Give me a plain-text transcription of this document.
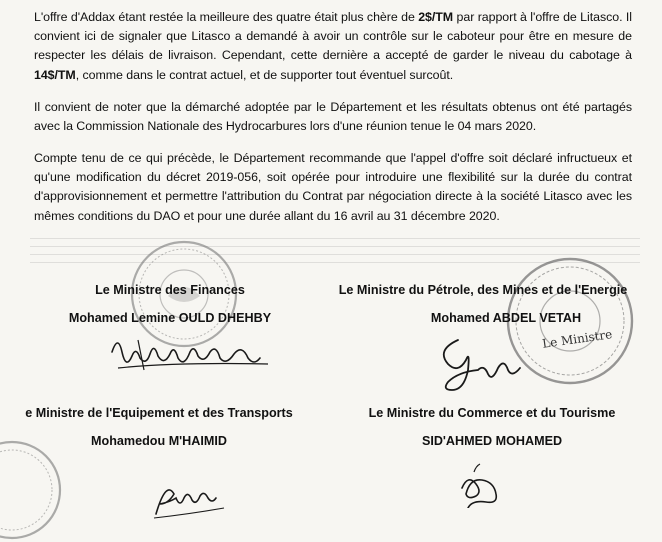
L'offre d'Addax étant restée la meilleure des quatre était plus chère de 2$/TM par rapport à l'offre de Litasco. Il convient ici de signaler que Litasco a demandé à avoir un contrôle sur le caboteur pour être en mesure de respecter les délais de livraison. Cependant, cette dernière a accepté de garder le niveau du cabotage à 14$/TM, comme dans le contrat actuel, et de supporter tout éventuel surcoût.

Il convient de noter que la démarché adoptée par le Département et les résultats obtenus ont été partagés avec la Commission Nationale des Hydrocarbures lors d'une réunion tenue le 04 mars 2020.

Compte tenu de ce qui précède, le Département recommande que l'appel d'offre soit déclaré infructueux et qu'une modification du décret 2019-056, soit opérée pour introduire une flexibilité sur la durée du contrat d'approvisionnement et permettre l'attribution du Contrat par négociation directe à la société Litasco avec les mêmes conditions du DAO et pour une durée allant du 16 avril au 31 décembre 2020.

Le Ministre
Le Ministre des Finances
Mohamed Lemine OULD DHEHBY
Le Ministre du Pétrole, des Mines et de l'Energie
Mohamed ABDEL VETAH
e Ministre de l'Equipement et des Transports
Mohamedou M'HAIMID
Le Ministre du Commerce et du Tourisme
SID'AHMED MOHAMED
